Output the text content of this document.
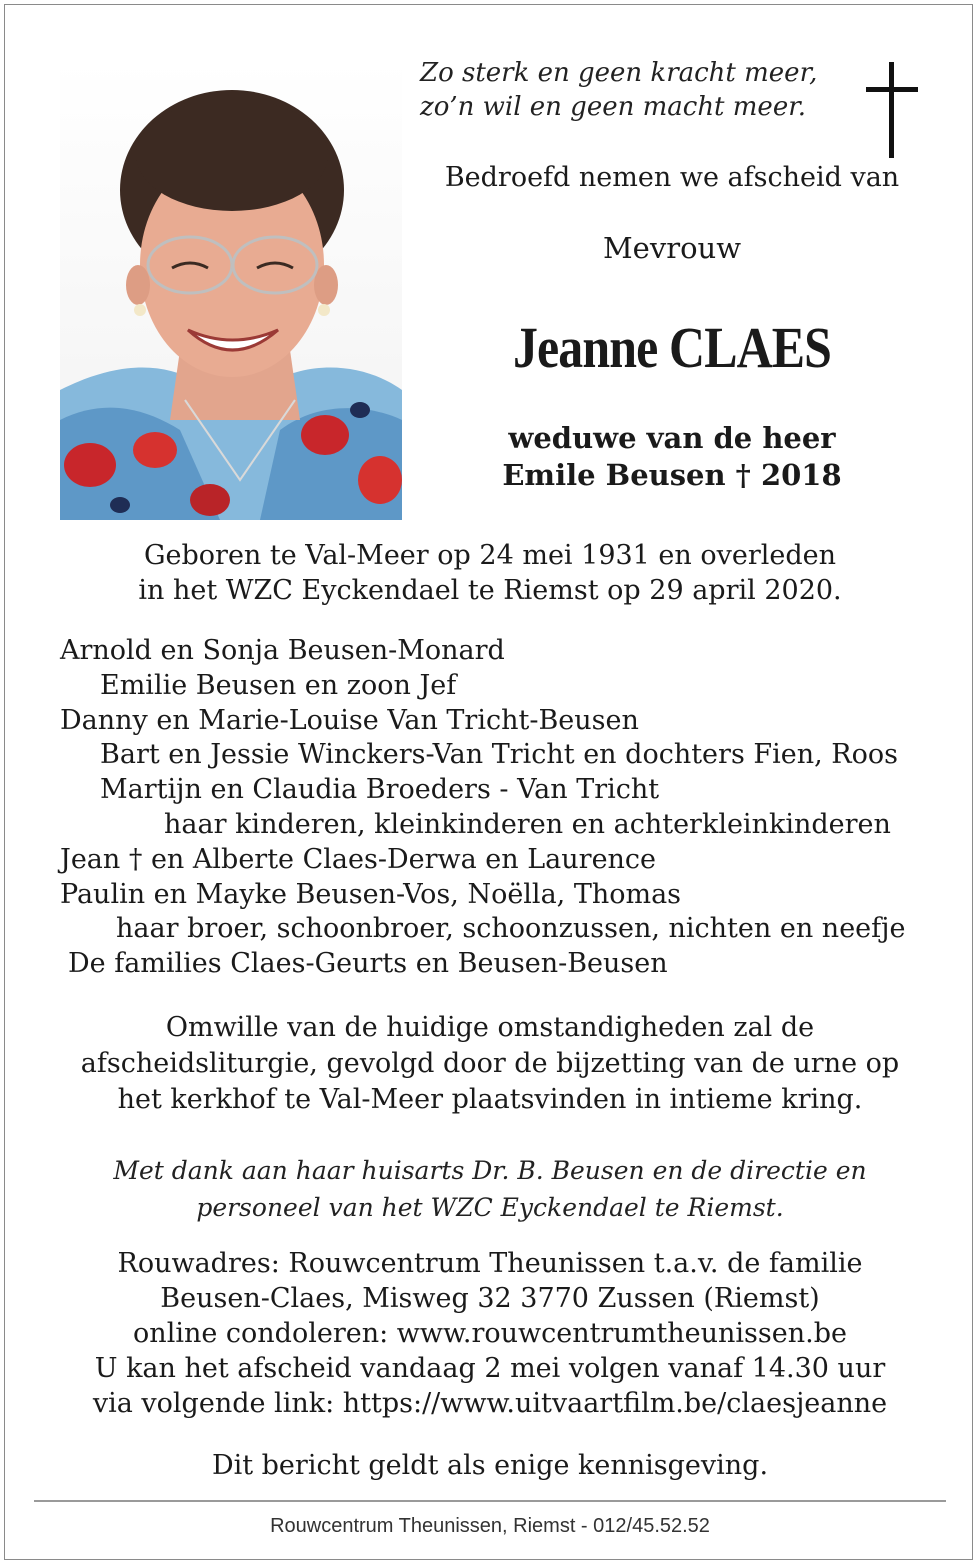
Zo sterk en geen kracht meer,
zo’n wil en geen macht meer.
Bedroefd nemen we afscheid van
Mevrouw
Jeanne CLAES
weduwe van de heer
Emile Beusen † 2018
Geboren te Val-Meer op 24 mei 1931 en overleden
in het WZC Eyckendael te Riemst op 29 april 2020.
Arnold en Sonja Beusen-Monard
Emilie Beusen en zoon Jef
Danny en Marie-Louise Van Tricht-Beusen
Bart en Jessie Winckers-Van Tricht en dochters Fien, Roos
Martijn en Claudia Broeders - Van Tricht
haar kinderen, kleinkinderen en achterkleinkinderen
Jean † en Alberte Claes-Derwa en Laurence
Paulin en Mayke Beusen-Vos, Noëlla, Thomas
haar broer, schoonbroer, schoonzussen, nichten en neefje
De families Claes-Geurts en Beusen-Beusen
Omwille van de huidige omstandigheden zal de
afscheidsliturgie, gevolgd door de bijzetting van de urne op
het kerkhof te Val-Meer plaatsvinden in intieme kring.
Met dank aan haar huisarts Dr. B. Beusen en de directie en
personeel van het WZC Eyckendael te Riemst.
Rouwadres: Rouwcentrum Theunissen t.a.v. de familie
Beusen-Claes, Misweg 32 3770 Zussen (Riemst)
online condoleren: www.rouwcentrumtheunissen.be
U kan het afscheid vandaag 2 mei volgen vanaf 14.30 uur
via volgende link: https://www.uitvaartfilm.be/claesjeanne
Dit bericht geldt als enige kennisgeving.
Rouwcentrum Theunissen, Riemst - 012/45.52.52
